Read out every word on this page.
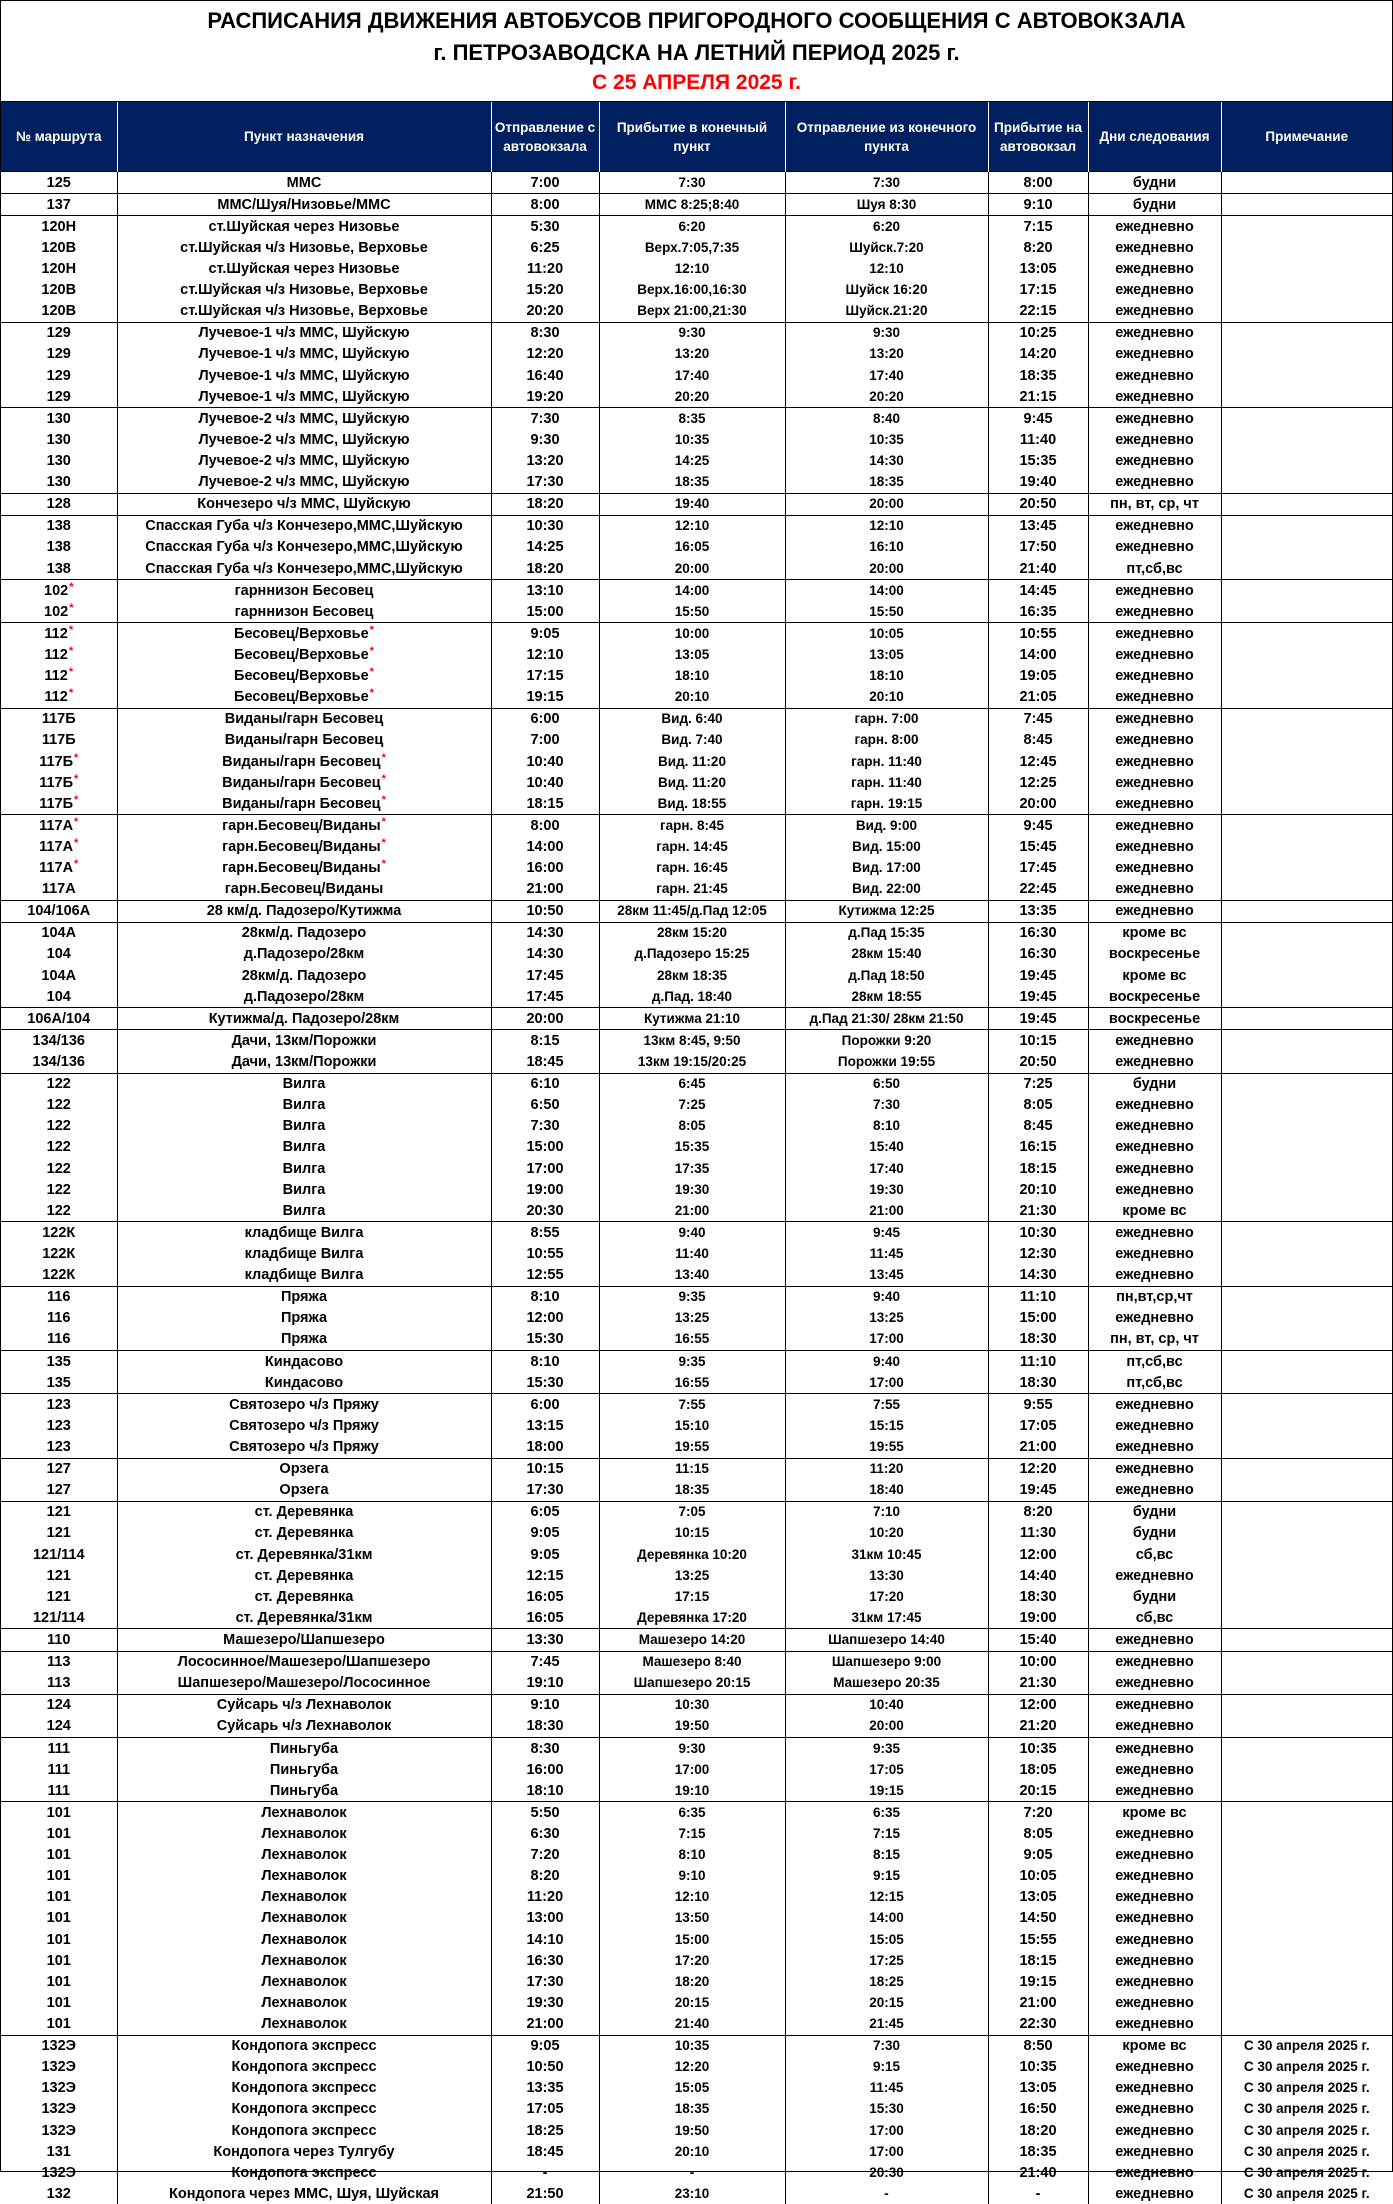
РАСПИСАНИЯ ДВИЖЕНИЯ АВТОБУСОВ ПРИГОРОДНОГО СООБЩЕНИЯ С АВТОВОКЗАЛА
г. ПЕТРОЗАВОДСКА НА ЛЕТНИЙ ПЕРИОД 2025 г.
С 25 АПРЕЛЯ 2025 г.
№ маршрута	Пункт назначения	Отправление с автовокзала	Прибытие в конечный пункт	Отправление из конечного пункта	Прибытие на автовокзал	Дни следования	Примечание
125	ММС	7:00	7:30	7:30	8:00	будни	
137	ММС/Шуя/Низовье/ММС	8:00	ММС 8:25;8:40	Шуя 8:30	9:10	будни	
120Н	ст.Шуйская через Низовье	5:30	6:20	6:20	7:15	ежедневно	
120В	ст.Шуйская ч/з Низовье, Верховье	6:25	Верх.7:05,7:35	Шуйск.7:20	8:20	ежедневно	
120Н	ст.Шуйская через Низовье	11:20	12:10	12:10	13:05	ежедневно	
120В	ст.Шуйская ч/з Низовье, Верховье	15:20	Верх.16:00,16:30	Шуйск 16:20	17:15	ежедневно	
120В	ст.Шуйская ч/з Низовье, Верховье	20:20	Верх 21:00,21:30	Шуйск.21:20	22:15	ежедневно	
129	Лучевое-1 ч/з ММС, Шуйскую	8:30	9:30	9:30	10:25	ежедневно	
129	Лучевое-1 ч/з ММС, Шуйскую	12:20	13:20	13:20	14:20	ежедневно	
129	Лучевое-1 ч/з ММС, Шуйскую	16:40	17:40	17:40	18:35	ежедневно	
129	Лучевое-1 ч/з ММС, Шуйскую	19:20	20:20	20:20	21:15	ежедневно	
130	Лучевое-2 ч/з ММС, Шуйскую	7:30	8:35	8:40	9:45	ежедневно	
130	Лучевое-2 ч/з ММС, Шуйскую	9:30	10:35	10:35	11:40	ежедневно	
130	Лучевое-2 ч/з ММС, Шуйскую	13:20	14:25	14:30	15:35	ежедневно	
130	Лучевое-2 ч/з ММС, Шуйскую	17:30	18:35	18:35	19:40	ежедневно	
128	Кончезеро ч/з ММС, Шуйскую	18:20	19:40	20:00	20:50	пн, вт, ср, чт	
138	Спасская Губа ч/з Кончезеро,ММС,Шуйскую	10:30	12:10	12:10	13:45	ежедневно	
138	Спасская Губа ч/з Кончезеро,ММС,Шуйскую	14:25	16:05	16:10	17:50	ежедневно	
138	Спасская Губа ч/з Кончезеро,ММС,Шуйскую	18:20	20:00	20:00	21:40	пт,сб,вс	
102*	гарннизон Бесовец	13:10	14:00	14:00	14:45	ежедневно	
102*	гарннизон Бесовец	15:00	15:50	15:50	16:35	ежедневно	
112*	Бесовец/Верховье*	9:05	10:00	10:05	10:55	ежедневно	
112*	Бесовец/Верховье*	12:10	13:05	13:05	14:00	ежедневно	
112*	Бесовец/Верховье*	17:15	18:10	18:10	19:05	ежедневно	
112*	Бесовец/Верховье*	19:15	20:10	20:10	21:05	ежедневно	
117Б	Виданы/гарн Бесовец	6:00	Вид. 6:40	гарн. 7:00	7:45	ежедневно	
117Б	Виданы/гарн Бесовец	7:00	Вид. 7:40	гарн. 8:00	8:45	ежедневно	
117Б*	Виданы/гарн Бесовец*	10:40	Вид. 11:20	гарн. 11:40	12:45	ежедневно	
117Б*	Виданы/гарн Бесовец*	10:40	Вид. 11:20	гарн. 11:40	12:25	ежедневно	
117Б*	Виданы/гарн Бесовец*	18:15	Вид. 18:55	гарн. 19:15	20:00	ежедневно	
117А*	гарн.Бесовец/Виданы*	8:00	гарн. 8:45	Вид. 9:00	9:45	ежедневно	
117А*	гарн.Бесовец/Виданы*	14:00	гарн. 14:45	Вид. 15:00	15:45	ежедневно	
117А*	гарн.Бесовец/Виданы*	16:00	гарн. 16:45	Вид. 17:00	17:45	ежедневно	
117А	гарн.Бесовец/Виданы	21:00	гарн. 21:45	Вид. 22:00	22:45	ежедневно	
104/106А	28 км/д. Падозеро/Кутижма	10:50	28км 11:45/д.Пад 12:05	Кутижма 12:25	13:35	ежедневно	
104А	28км/д. Падозеро	14:30	28км 15:20	д.Пад 15:35	16:30	кроме вс	
104	д.Падозеро/28км	14:30	д.Падозеро 15:25	28км 15:40	16:30	воскресенье	
104А	28км/д. Падозеро	17:45	28км 18:35	д.Пад 18:50	19:45	кроме вс	
104	д.Падозеро/28км	17:45	д.Пад. 18:40	28км 18:55	19:45	воскресенье	
106А/104	Кутижма/д. Падозеро/28км	20:00	Кутижма 21:10	д.Пад 21:30/ 28км 21:50	19:45	воскресенье	
134/136	Дачи, 13км/Порожки	8:15	13км 8:45, 9:50	Порожки 9:20	10:15	ежедневно	
134/136	Дачи, 13км/Порожки	18:45	13км 19:15/20:25	Порожки 19:55	20:50	ежедневно	
122	Вилга	6:10	6:45	6:50	7:25	будни	
122	Вилга	6:50	7:25	7:30	8:05	ежедневно	
122	Вилга	7:30	8:05	8:10	8:45	ежедневно	
122	Вилга	15:00	15:35	15:40	16:15	ежедневно	
122	Вилга	17:00	17:35	17:40	18:15	ежедневно	
122	Вилга	19:00	19:30	19:30	20:10	ежедневно	
122	Вилга	20:30	21:00	21:00	21:30	кроме вс	
122К	кладбище Вилга	8:55	9:40	9:45	10:30	ежедневно	
122К	кладбище Вилга	10:55	11:40	11:45	12:30	ежедневно	
122К	кладбище Вилга	12:55	13:40	13:45	14:30	ежедневно	
116	Пряжа	8:10	9:35	9:40	11:10	пн,вт,ср,чт	
116	Пряжа	12:00	13:25	13:25	15:00	ежедневно	
116	Пряжа	15:30	16:55	17:00	18:30	пн, вт, ср, чт	
135	Киндасово	8:10	9:35	9:40	11:10	пт,сб,вс	
135	Киндасово	15:30	16:55	17:00	18:30	пт,сб,вс	
123	Святозеро ч/з Пряжу	6:00	7:55	7:55	9:55	ежедневно	
123	Святозеро ч/з Пряжу	13:15	15:10	15:15	17:05	ежедневно	
123	Святозеро ч/з Пряжу	18:00	19:55	19:55	21:00	ежедневно	
127	Орзега	10:15	11:15	11:20	12:20	ежедневно	
127	Орзега	17:30	18:35	18:40	19:45	ежедневно	
121	ст. Деревянка	6:05	7:05	7:10	8:20	будни	
121	ст. Деревянка	9:05	10:15	10:20	11:30	будни	
121/114	ст. Деревянка/31км	9:05	Деревянка 10:20	31км 10:45	12:00	сб,вс	
121	ст. Деревянка	12:15	13:25	13:30	14:40	ежедневно	
121	ст. Деревянка	16:05	17:15	17:20	18:30	будни	
121/114	ст. Деревянка/31км	16:05	Деревянка 17:20	31км 17:45	19:00	сб,вс	
110	Машезеро/Шапшезеро	13:30	Машезеро 14:20	Шапшезеро 14:40	15:40	ежедневно	
113	Лососинное/Машезеро/Шапшезеро	7:45	Машезеро 8:40	Шапшезеро 9:00	10:00	ежедневно	
113	Шапшезеро/Машезеро/Лососинное	19:10	Шапшезеро 20:15	Машезеро 20:35	21:30	ежедневно	
124	Суйсарь ч/з Лехнаволок	9:10	10:30	10:40	12:00	ежедневно	
124	Суйсарь ч/з Лехнаволок	18:30	19:50	20:00	21:20	ежедневно	
111	Пиньгуба	8:30	9:30	9:35	10:35	ежедневно	
111	Пиньгуба	16:00	17:00	17:05	18:05	ежедневно	
111	Пиньгуба	18:10	19:10	19:15	20:15	ежедневно	
101	Лехнаволок	5:50	6:35	6:35	7:20	кроме вс	
101	Лехнаволок	6:30	7:15	7:15	8:05	ежедневно	
101	Лехнаволок	7:20	8:10	8:15	9:05	ежедневно	
101	Лехнаволок	8:20	9:10	9:15	10:05	ежедневно	
101	Лехнаволок	11:20	12:10	12:15	13:05	ежедневно	
101	Лехнаволок	13:00	13:50	14:00	14:50	ежедневно	
101	Лехнаволок	14:10	15:00	15:05	15:55	ежедневно	
101	Лехнаволок	16:30	17:20	17:25	18:15	ежедневно	
101	Лехнаволок	17:30	18:20	18:25	19:15	ежедневно	
101	Лехнаволок	19:30	20:15	20:15	21:00	ежедневно	
101	Лехнаволок	21:00	21:40	21:45	22:30	ежедневно	
132Э	Кондопога экспресс	9:05	10:35	7:30	8:50	кроме вс	С 30 апреля 2025 г.
132Э	Кондопога экспресс	10:50	12:20	9:15	10:35	ежедневно	С 30 апреля 2025 г.
132Э	Кондопога экспресс	13:35	15:05	11:45	13:05	ежедневно	С 30 апреля 2025 г.
132Э	Кондопога экспресс	17:05	18:35	15:30	16:50	ежедневно	С 30 апреля 2025 г.
132Э	Кондопога экспресс	18:25	19:50	17:00	18:20	ежедневно	С 30 апреля 2025 г.
131	Кондопога через Тулгубу	18:45	20:10	17:00	18:35	ежедневно	С 30 апреля 2025 г.
132Э	Кондопога экспресс	-	-	20:30	21:40	ежедневно	С 30 апреля 2025 г.
132	Кондопога через ММС, Шуя, Шуйская	21:50	23:10	-	-	ежедневно	С 30 апреля 2025 г.
